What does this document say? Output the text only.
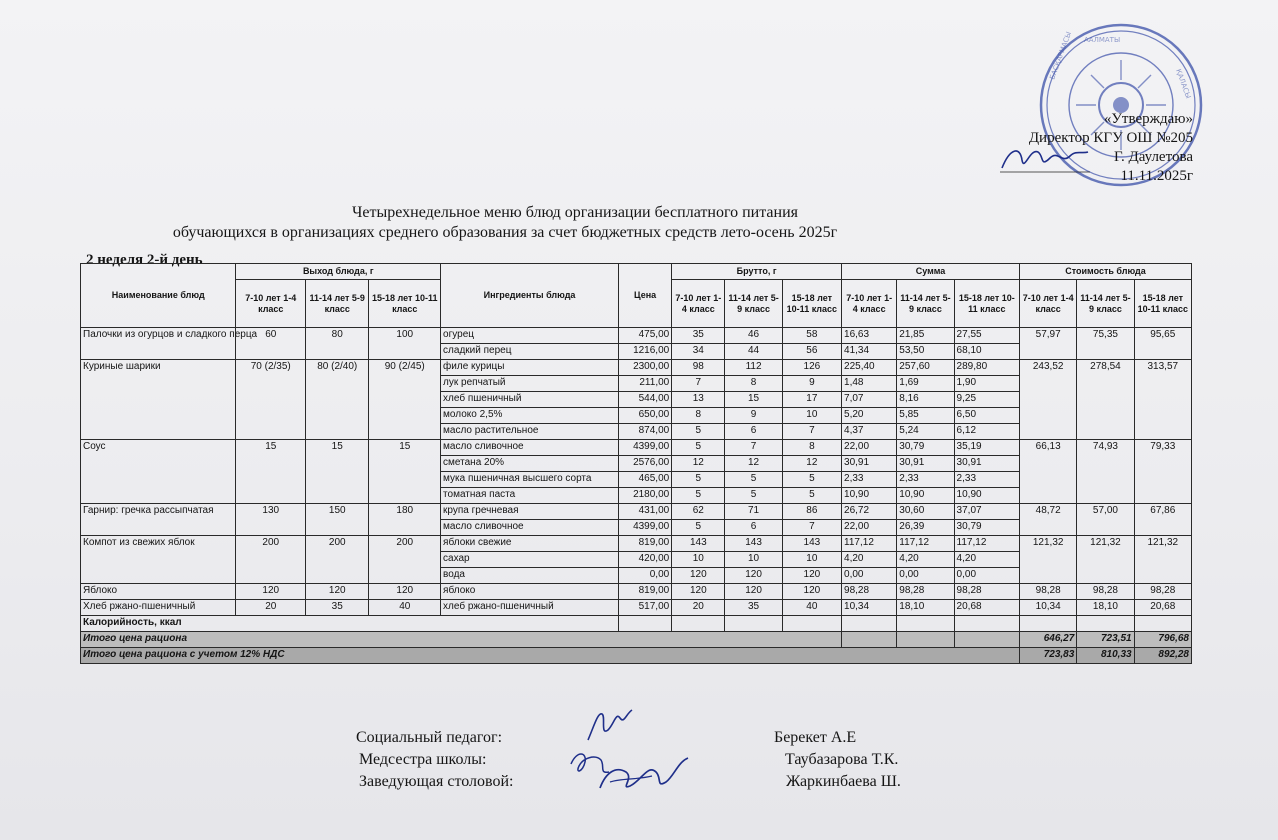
ААЛМАТЫ
БАСҚАРМАСЫ
ҚАЛАСЫ
«Утверждаю»
Директор КГУ ОШ №205
Г. Даулетова
11.11.2025г
Четырехнедельное меню блюд организации бесплатного питания
обучающихся в организациях среднего образования за счет бюджетных средств лето-осень 2025г
2 неделя 2-й день
Наименование блюд	Выход блюда, г			Ингредиенты блюда	Цена	Брутто, г			Сумма			Стоимость блюда		
	7-10 лет 1-4 класс	11-14 лет 5-9 класс	15-18 лет 10-11 класс			7-10 лет 1-4 класс	11-14 лет 5-9 класс	15-18 лет 10-11 класс	7-10 лет 1-4 класс	11-14 лет 5-9 класс	15-18 лет 10-11 класс	7-10 лет 1-4 класс	11-14 лет 5-9 класс	15-18 лет 10-11 класс
Палочки из огурцов и сладкого перца	60	80	100	огурец	475,00	35	46	58	16,63	21,85	27,55	57,97	75,35	95,65
				сладкий перец	1216,00	34	44	56	41,34	53,50	68,10			
Куриные шарики	70 (2/35)	80 (2/40)	90 (2/45)	филе курицы	2300,00	98	112	126	225,40	257,60	289,80	243,52	278,54	313,57
				лук репчатый	211,00	7	8	9	1,48	1,69	1,90			
				хлеб пшеничный	544,00	13	15	17	7,07	8,16	9,25			
				молоко 2,5%	650,00	8	9	10	5,20	5,85	6,50			
				масло растительное	874,00	5	6	7	4,37	5,24	6,12			
Соус	15	15	15	масло сливочное	4399,00	5	7	8	22,00	30,79	35,19	66,13	74,93	79,33
				сметана 20%	2576,00	12	12	12	30,91	30,91	30,91			
				мука пшеничная высшего сорта	465,00	5	5	5	2,33	2,33	2,33			
				томатная паста	2180,00	5	5	5	10,90	10,90	10,90			
Гарнир: гречка рассыпчатая	130	150	180	крупа гречневая	431,00	62	71	86	26,72	30,60	37,07	48,72	57,00	67,86
				масло сливочное	4399,00	5	6	7	22,00	26,39	30,79			
Компот из свежих яблок	200	200	200	яблоки свежие	819,00	143	143	143	117,12	117,12	117,12	121,32	121,32	121,32
				сахар	420,00	10	10	10	4,20	4,20	4,20			
				вода	0,00	120	120	120	0,00	0,00	0,00			
Яблоко	120	120	120	яблоко	819,00	120	120	120	98,28	98,28	98,28	98,28	98,28	98,28
Хлеб ржано-пшеничный	20	35	40	хлеб ржано-пшеничный	517,00	20	35	40	10,34	18,10	20,68	10,34	18,10	20,68
Калорийность, ккал														
Итого цена рациона												646,27	723,51	796,68
Итого цена рациона с учетом 12% НДС												723,83	810,33	892,28
Социальный педагог:	Берекет А.Е
Медсестра школы:	Таубазарова Т.К.
Заведующая столовой:	Жаркинбаева Ш.
